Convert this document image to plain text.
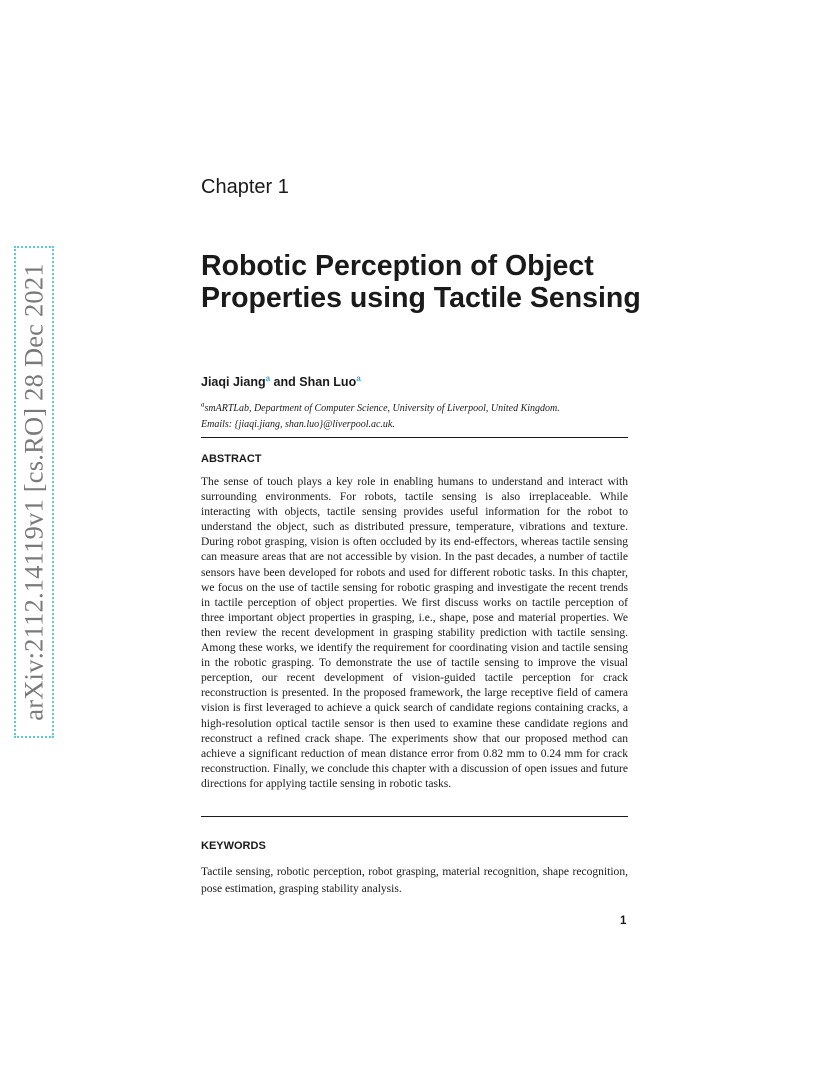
arXiv:2112.14119v1 [cs.RO] 28 Dec 2021
Chapter 1
Robotic Perception of Object Properties using Tactile Sensing
Jiaqi Jiang$^a$ and Shan Luo$^a$
$^a$smARTLab, Department of Computer Science, University of Liverpool, United Kingdom.
Emails: {jiaqi.jiang, shan.luo}@liverpool.ac.uk.
ABSTRACT
The sense of touch plays a key role in enabling humans to understand and interact with surrounding environments. For robots, tactile sensing is also irreplaceable. While interacting with objects, tactile sensing provides useful information for the robot to understand the object, such as distributed pressure, temperature, vibrations and texture. During robot grasping, vision is often occluded by its end-effectors, whereas tactile sensing can measure areas that are not accessible by vision. In the past decades, a number of tactile sensors have been developed for robots and used for different robotic tasks. In this chapter, we focus on the use of tactile sensing for robotic grasping and investigate the recent trends in tactile perception of object properties. We first discuss works on tactile perception of three important object properties in grasping, i.e., shape, pose and material properties. We then review the recent development in grasping stability prediction with tactile sensing. Among these works, we identify the requirement for coordinating vision and tactile sensing in the robotic grasping. To demonstrate the use of tactile sensing to improve the visual perception, our recent development of vision-guided tactile perception for crack reconstruction is presented. In the proposed framework, the large receptive field of camera vision is first leveraged to achieve a quick search of candidate regions containing cracks, a high-resolution optical tactile sensor is then used to examine these candidate regions and reconstruct a refined crack shape. The experiments show that our proposed method can achieve a significant reduction of mean distance error from 0.82 mm to 0.24 mm for crack reconstruction. Finally, we conclude this chapter with a discussion of open issues and future directions for applying tactile sensing in robotic tasks.
KEYWORDS
Tactile sensing, robotic perception, robot grasping, material recognition, shape recognition, pose estimation, grasping stability analysis.
1
